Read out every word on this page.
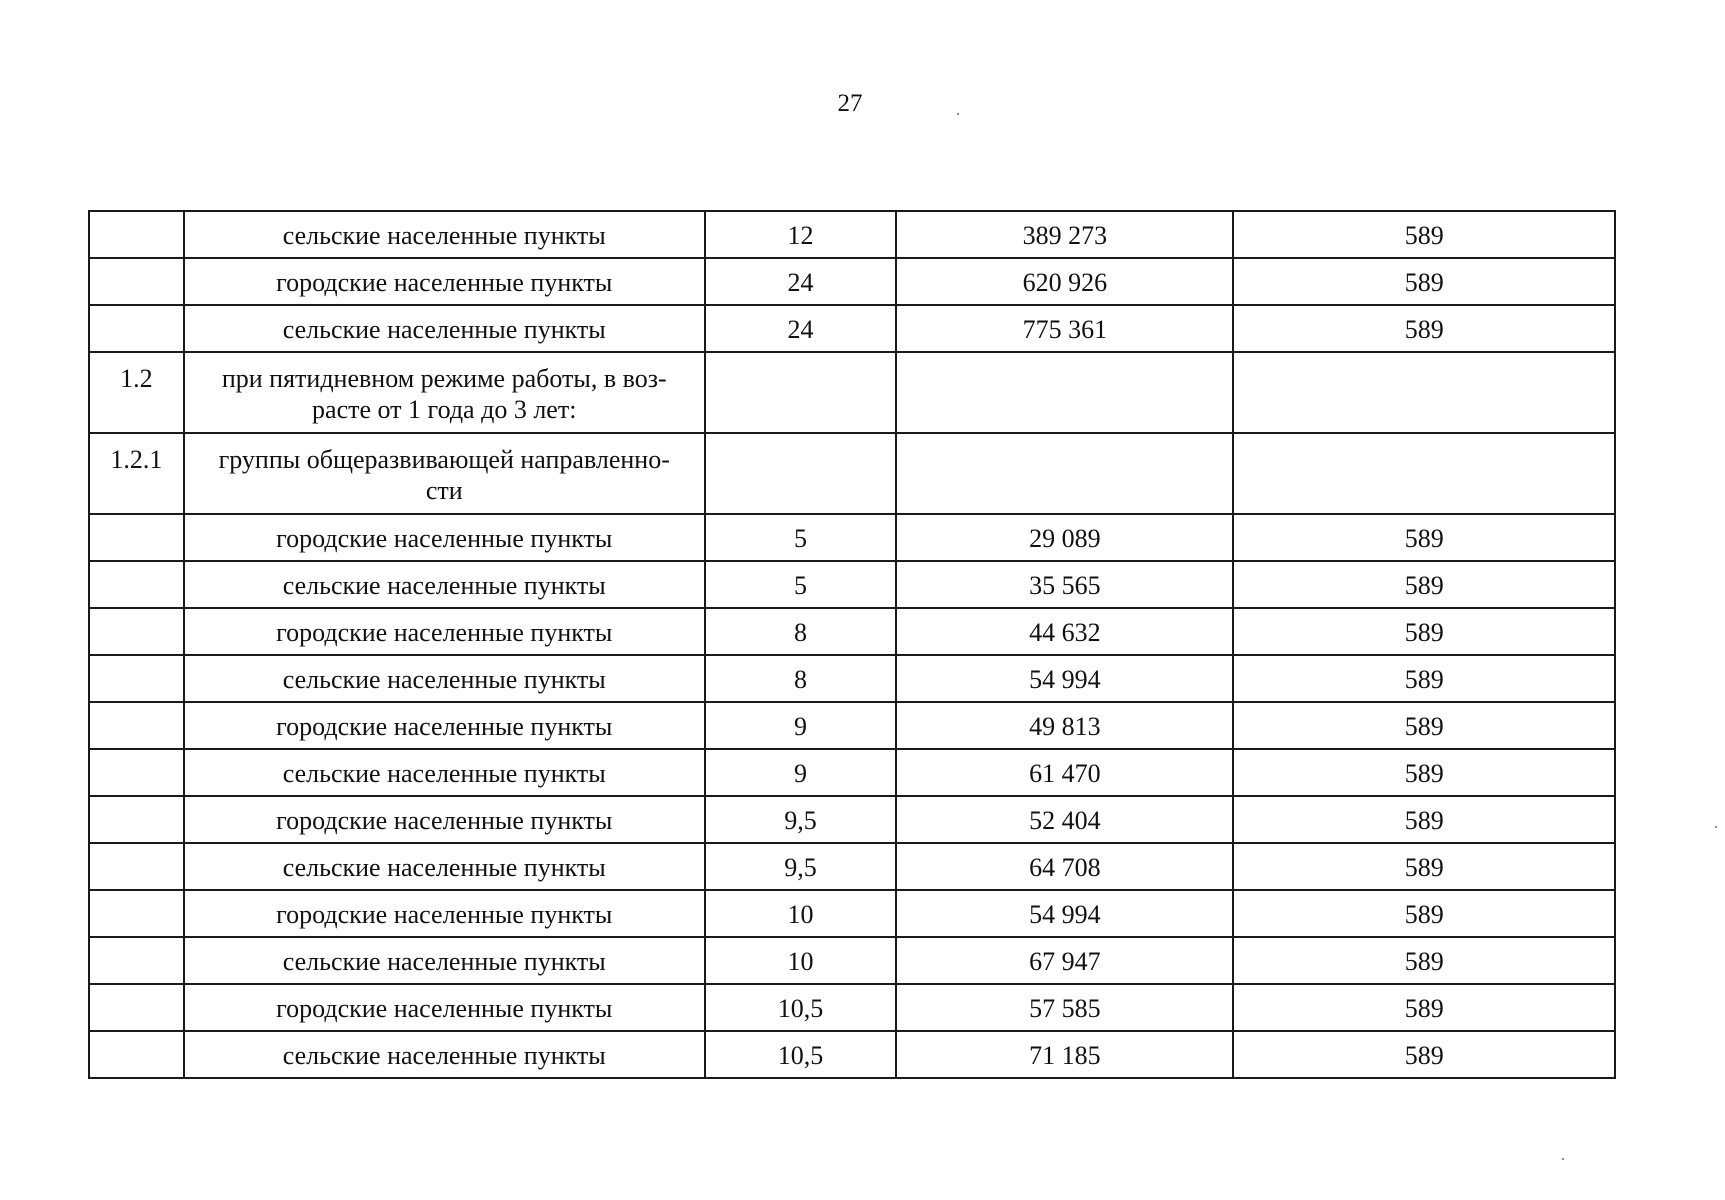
27
	сельские населенные пункты	12	389 273	589
	городские населенные пункты	24	620 926	589
	сельские населенные пункты	24	775 361	589
1.2	при пятидневном режиме работы, в воз-
расте от 1 года до 3 лет:			
1.2.1	группы общеразвивающей направленно-
сти			
	городские населенные пункты	5	29 089	589
	сельские населенные пункты	5	35 565	589
	городские населенные пункты	8	44 632	589
	сельские населенные пункты	8	54 994	589
	городские населенные пункты	9	49 813	589
	сельские населенные пункты	9	61 470	589
	городские населенные пункты	9,5	52 404	589
	сельские населенные пункты	9,5	64 708	589
	городские населенные пункты	10	54 994	589
	сельские населенные пункты	10	67 947	589
	городские населенные пункты	10,5	57 585	589
	сельские населенные пункты	10,5	71 185	589
